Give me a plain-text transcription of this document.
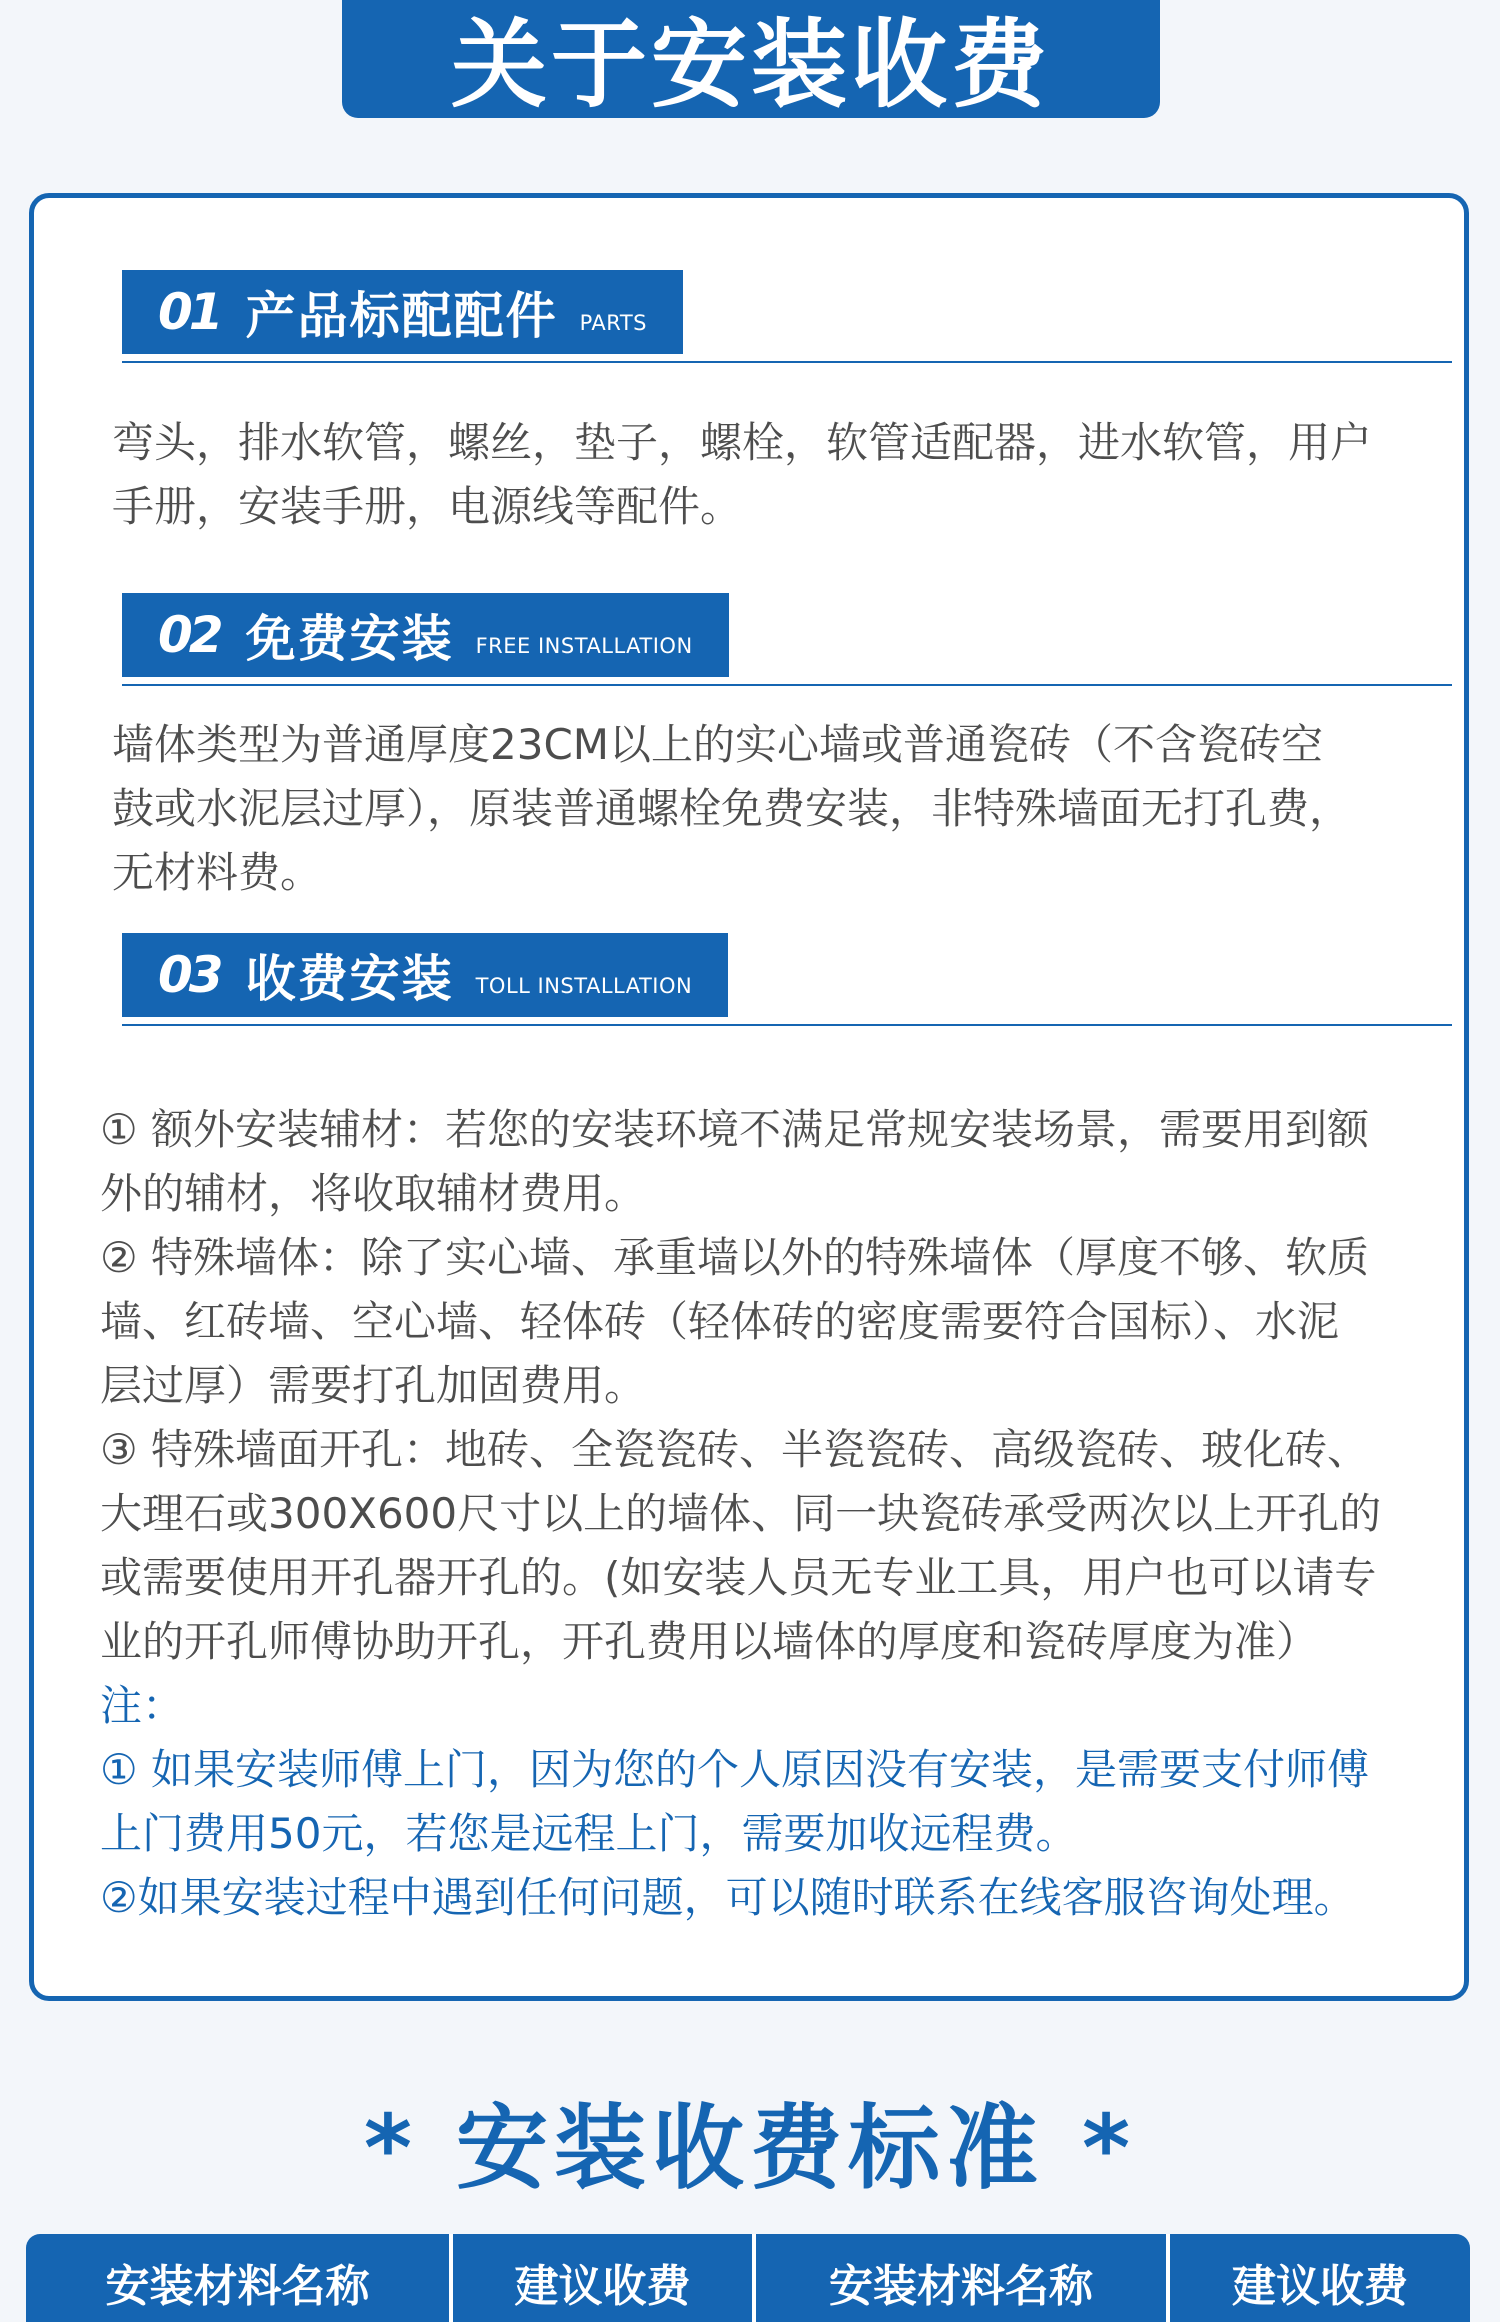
关于安装收费
01 产品标配配件 PARTS
弯头，排水软管，螺丝，垫子，螺栓，软管适配器，进水软管，用户
手册，安装手册，电源线等配件。
02 免费安装 FREE INSTALLATION
墙体类型为普通厚度23CM以上的实心墙或普通瓷砖（不含瓷砖空
鼓或水泥层过厚），原装普通螺栓免费安装，非特殊墙面无打孔费，
无材料费。
03 收费安装 TOLL INSTALLATION
① 额外安装辅材：若您的安装环境不满足常规安装场景，需要用到额
外的辅材，将收取辅材费用。
② 特殊墙体：除了实心墙、承重墙以外的特殊墙体（厚度不够、软质
墙、红砖墙、空心墙、轻体砖（轻体砖的密度需要符合国标）、水泥
层过厚）需要打孔加固费用。
③ 特殊墙面开孔：地砖、全瓷瓷砖、半瓷瓷砖、高级瓷砖、玻化砖、
大理石或300X600尺寸以上的墙体、同一块瓷砖承受两次以上开孔的
或需要使用开孔器开孔的。(如安装人员无专业工具，用户也可以请专
业的开孔师傅协助开孔，开孔费用以墙体的厚度和瓷砖厚度为准）
注：
① 如果安装师傅上门，因为您的个人原因没有安装，是需要支付师傅
上门费用50元，若您是远程上门，需要加收远程费。
②如果安装过程中遇到任何问题，可以随时联系在线客服咨询处理。
* 安装收费标准 *
安装材料名称	建议收费	安装材料名称	建议收费
